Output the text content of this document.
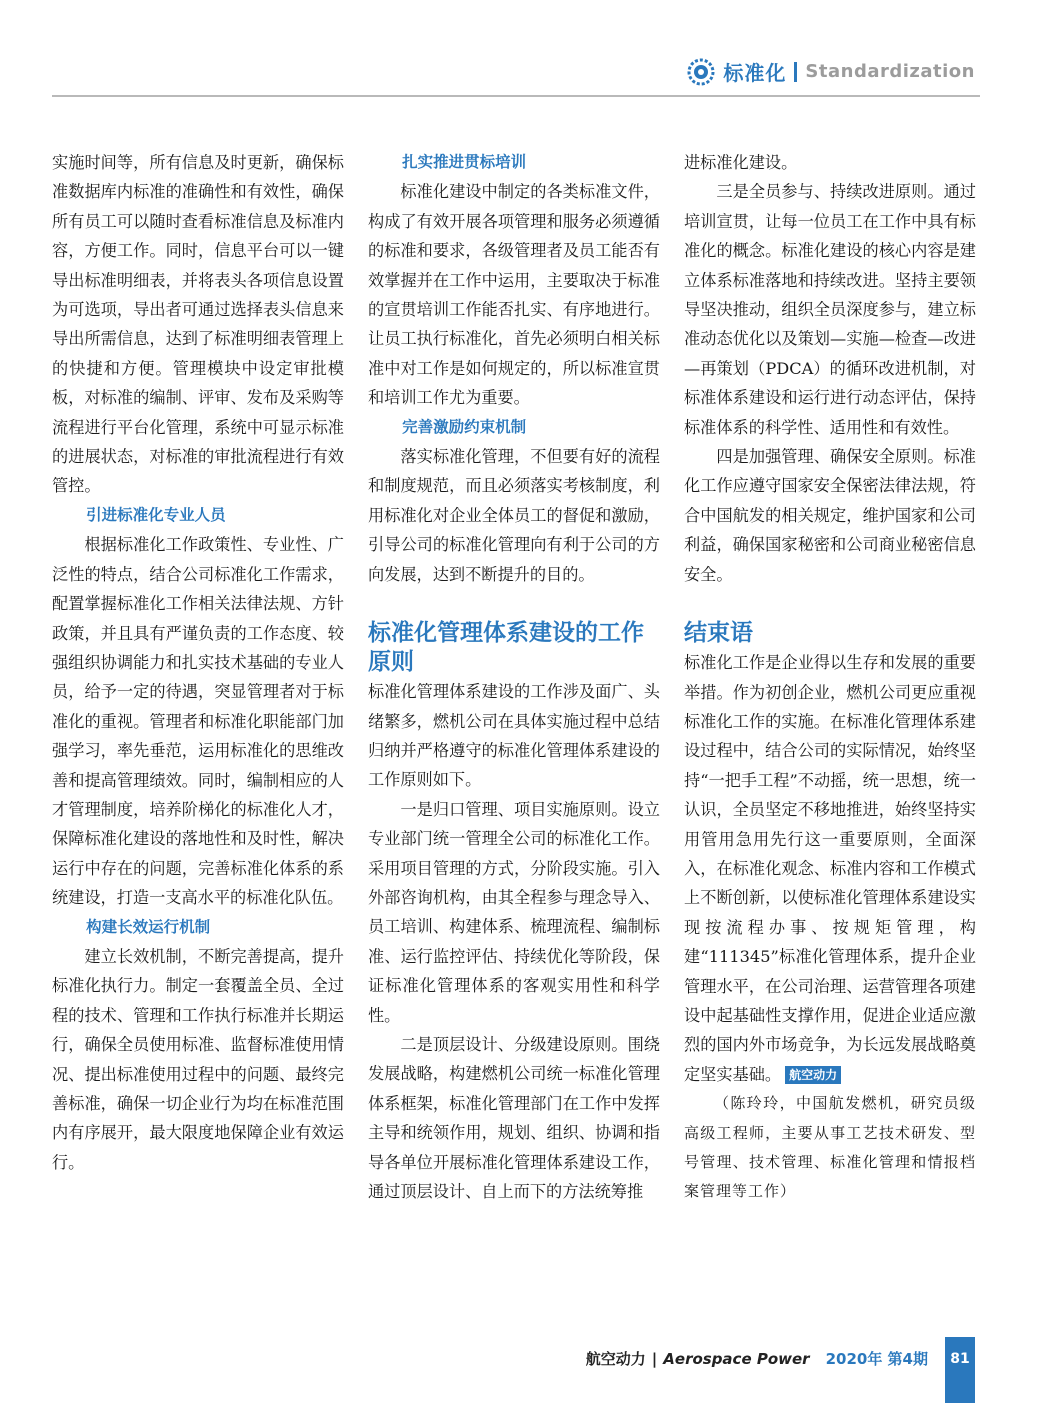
标准化 Standardization

实施时间等，所有信息及时更新，确保标准数据库内标准的准确性和有效性，确保所有员工可以随时查看标准信息及标准内容，方便工作。同时，信息平台可以一键导出标准明细表，并将表头各项信息设置为可选项，导出者可通过选择表头信息来导出所需信息，达到了标准明细表管理上的快捷和方便。管理模块中设定审批模板，对标准的编制、评审、发布及采购等流程进行平台化管理，系统中可显示标准的进展状态，对标准的审批流程进行有效管控。

引进标准化专业人员

根据标准化工作政策性、专业性、广泛性的特点，结合公司标准化工作需求，配置掌握标准化工作相关法律法规、方针政策，并且具有严谨负责的工作态度、较强组织协调能力和扎实技术基础的专业人员，给予一定的待遇，突显管理者对于标准化的重视。管理者和标准化职能部门加强学习，率先垂范，运用标准化的思维改善和提高管理绩效。同时，编制相应的人才管理制度，培养阶梯化的标准化人才，保障标准化建设的落地性和及时性，解决运行中存在的问题，完善标准化体系的系统建设，打造一支高水平的标准化队伍。

构建长效运行机制

建立长效机制，不断完善提高，提升标准化执行力。制定一套覆盖全员、全过程的技术、管理和工作执行标准并长期运行，确保全员使用标准、监督标准使用情况、提出标准使用过程中的问题、最终完善标准，确保一切企业行为均在标准范围内有序展开，最大限度地保障企业有效运行。

扎实推进贯标培训

标准化建设中制定的各类标准文件，构成了有效开展各项管理和服务必须遵循的标准和要求，各级管理者及员工能否有效掌握并在工作中运用，主要取决于标准的宣贯培训工作能否扎实、有序地进行。让员工执行标准化，首先必须明白相关标准中对工作是如何规定的，所以标准宣贯和培训工作尤为重要。

完善激励约束机制

落实标准化管理，不但要有好的流程和制度规范，而且必须落实考核制度，利用标准化对企业全体员工的督促和激励，引导公司的标准化管理向有利于公司的方向发展，达到不断提升的目的。

标准化管理体系建设的工作原则

标准化管理体系建设的工作涉及面广、头绪繁多，燃机公司在具体实施过程中总结归纳并严格遵守的标准化管理体系建设的工作原则如下。

一是归口管理、项目实施原则。设立专业部门统一管理全公司的标准化工作。采用项目管理的方式，分阶段实施。引入外部咨询机构，由其全程参与理念导入、员工培训、构建体系、梳理流程、编制标准、运行监控评估、持续优化等阶段，保证标准化管理体系的客观实用性和科学性。

二是顶层设计、分级建设原则。围绕发展战略，构建燃机公司统一标准化管理体系框架，标准化管理部门在工作中发挥主导和统领作用，规划、组织、协调和指导各单位开展标准化管理体系建设工作，通过顶层设计、自上而下的方法统筹推

进标准化建设。

三是全员参与、持续改进原则。通过培训宣贯，让每一位员工在工作中具有标准化的概念。标准化建设的核心内容是建立体系标准落地和持续改进。坚持主要领导坚决推动，组织全员深度参与，建立标准动态优化以及策划—实施—检查—改进—再策划（PDCA）的循环改进机制，对标准体系建设和运行进行动态评估，保持标准体系的科学性、适用性和有效性。

四是加强管理、确保安全原则。标准化工作应遵守国家安全保密法律法规，符合中国航发的相关规定，维护国家和公司利益，确保国家秘密和公司商业秘密信息安全。

结束语

标准化工作是企业得以生存和发展的重要举措。作为初创企业，燃机公司更应重视标准化工作的实施。在标准化管理体系建设过程中，结合公司的实际情况，始终坚持“一把手工程”不动摇，统一思想，统一认识，全员坚定不移地推进，始终坚持实用管用急用先行这一重要原则，全面深入，在标准化观念、标准内容和工作模式上不断创新，以使标准化管理体系建设实现按流程办事、按规矩管理，构建“111345”标准化管理体系，提升企业管理水平，在公司治理、运营管理各项建设中起基础性支撑作用，促进企业适应激烈的国内外市场竞争，为长远发展战略奠定坚实基础。 航空动力

（陈玲玲，中国航发燃机，研究员级高级工程师，主要从事工艺技术研发、型号管理、技术管理、标准化管理和情报档案管理等工作）

航空动力 | Aerospace Power 2020年 第4期	81
